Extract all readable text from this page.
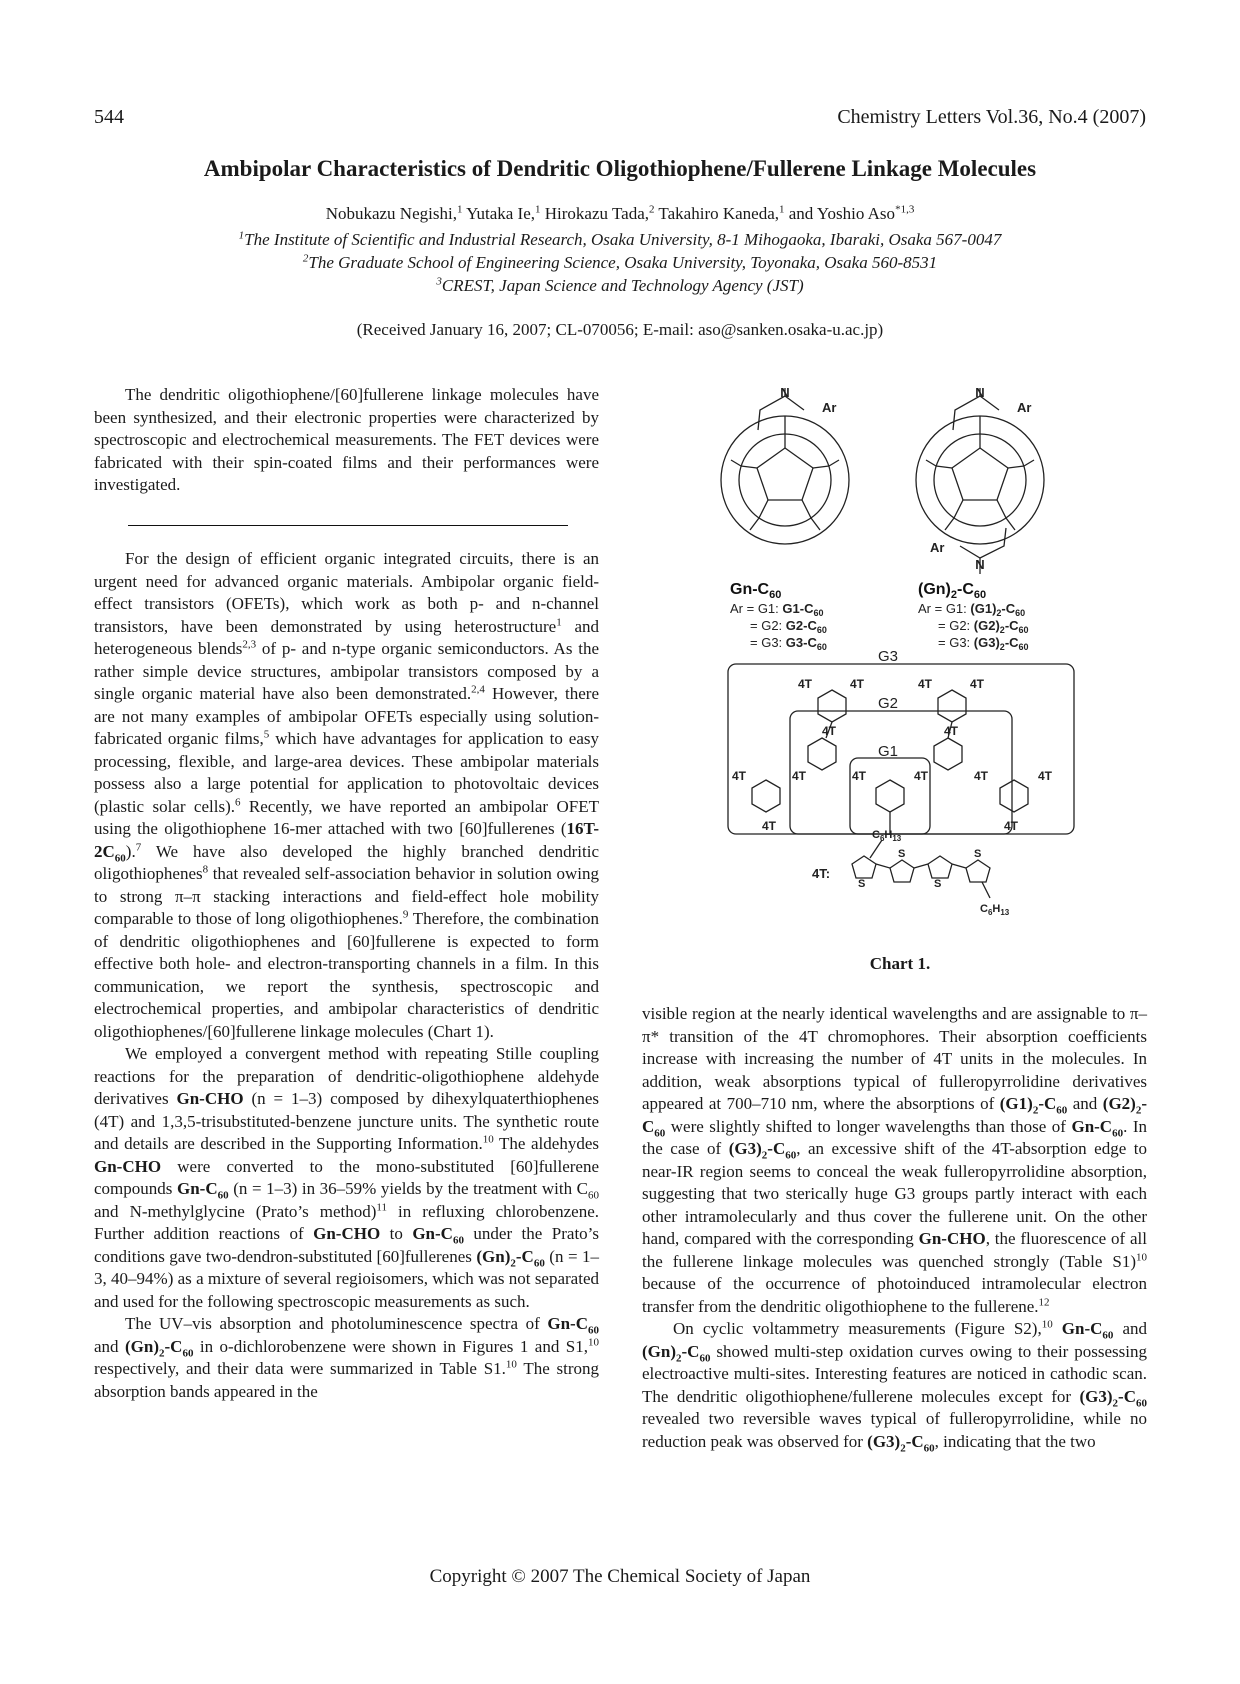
544	Chemistry Letters Vol.36, No.4 (2007)
Ambipolar Characteristics of Dendritic Oligothiophene/Fullerene Linkage Molecules
Nobukazu Negishi,$^1$ Yutaka Ie,$^1$ Hirokazu Tada,$^2$ Takahiro Kaneda,$^1$ and Yoshio Aso$^{*1,3}$
$^1$The Institute of Scientific and Industrial Research, Osaka University, 8-1 Mihogaoka, Ibaraki, Osaka 567-0047
$^2$The Graduate School of Engineering Science, Osaka University, Toyonaka, Osaka 560-8531
$^3$CREST, Japan Science and Technology Agency (JST)
(Received January 16, 2007; CL-070056; E-mail: aso@sanken.osaka-u.ac.jp)

The dendritic oligothiophene/[60]fullerene linkage molecules have been synthesized, and their electronic properties were characterized by spectroscopic and electrochemical measurements. The FET devices were fabricated with their spin-coated films and their performances were investigated.

For the design of efficient organic integrated circuits, there is an urgent need for advanced organic materials. Ambipolar organic field-effect transistors (OFETs), which work as both p- and n-channel transistors, have been demonstrated by using heterostructure$^1$ and heterogeneous blends$^{2,3}$ of p- and n-type organic semiconductors. As the rather simple device structures, ambipolar transistors composed by a single organic material have also been demonstrated.$^{2,4}$ However, there are not many examples of ambipolar OFETs especially using solution-fabricated organic films,$^5$ which have advantages for application to easy processing, flexible, and large-area devices. These ambipolar materials possess also a large potential for application to photovoltaic devices (plastic solar cells).$^6$ Recently, we have reported an ambipolar OFET using the oligothiophene 16-mer attached with two [60]fullerenes $(16T-2C_{60}).^7$ We have also developed the highly branched dendritic oligothiophenes$^8$ that revealed self-association behavior in solution owing to strong π–π stacking interactions and field-effect hole mobility comparable to those of long oligothiophenes.$^9$ Therefore, the combination of dendritic oligothiophenes and [60]fullerene is expected to form effective both hole- and electron-transporting channels in a film. In this communication, we report the synthesis, spectroscopic and electrochemical properties, and ambipolar characteristics of dendritic oligothiophenes/[60]fullerene linkage molecules (Chart 1).

We employed a convergent method with repeating Stille coupling reactions for the preparation of dendritic-oligothiophene aldehyde derivatives Gn-CHO (n = 1–3) composed by dihexylquaterthiophenes (4T) and 1,3,5-trisubstituted-benzene juncture units. The synthetic route and details are described in the Supporting Information.$^{10}$ The aldehydes Gn-CHO were converted to the mono-substituted [60]fullerene compounds $Gn-C_{60}$ (n = 1–3) in 36–59% yields by the treatment with $C_{60}$ and N-methylglycine (Prato’s method)$^{11}$ in refluxing chlorobenzene. Further addition reactions of Gn-CHO to $Gn-C_{60}$ under the Prato’s conditions gave two-dendron-substituted [60]fullerenes $(Gn)_2-C_{60}$ (n = 1–3, 40–94%) as a mixture of several regioisomers, which was not separated and used for the following spectroscopic measurements as such.

The UV–vis absorption and photoluminescence spectra of $Gn-C_{60}$ and $(Gn)_2-C_{60}$ in o-dichlorobenzene were shown in Figures 1 and S1,10 respectively, and their data were summarized in Table S1.10 The strong absorption bands appeared in the

N
Ar
N
Ar
N
Ar
$Gn-C_{60}$	$(Gn)_2-C_{60}$
Ar = G1: $G1-C_{60}$
= G2: $G2-C_{60}$
= G3: $G3-C_{60}$
Ar = G1: $(G1)_2-C_{60}$
= G2: $(G2)_2-C_{60}$
= G3: $(G3)_2-C_{60}$
G3
G2
G1
4T	4T	4T	4T
4T	4T
4T	4T	4T	4T	4T	4T
4T	4T
4T:
S
S
S
S
$C_6H_{13}$
$C_6H_{13}$
Chart 1.

visible region at the nearly identical wavelengths and are assignable to π–π* transition of the 4T chromophores. Their absorption coefficients increase with increasing the number of 4T units in the molecules. In addition, weak absorptions typical of fulleropyrrolidine derivatives appeared at 700–710 nm, where the absorptions of $(G1)_2-C_{60}$ and $(G2)_2-C_{60}$ were slightly shifted to longer wavelengths than those of $Gn-C_{60}$. In the case of $(G3)_2-C_{60}$, an excessive shift of the 4T-absorption edge to near-IR region seems to conceal the weak fulleropyrrolidine absorption, suggesting that two sterically huge G3 groups partly interact with each other intramolecularly and thus cover the fullerene unit. On the other hand, compared with the corresponding Gn-CHO, the fluorescence of all the fullerene linkage molecules was quenched strongly (Table S1)$^{10}$ because of the occurrence of photoinduced intramolecular electron transfer from the dendritic oligothiophene to the fullerene.$^{12}$

On cyclic voltammetry measurements (Figure S2),$^{10}$ $Gn-C_{60}$ and $(Gn)_2-C_{60}$ showed multi-step oxidation curves owing to their possessing electroactive multi-sites. Interesting features are noticed in cathodic scan. The dendritic oligothiophene/fullerene molecules except for $(G3)_2-C_{60}$ revealed two reversible waves typical of fulleropyrrolidine, while no reduction peak was observed for $(G3)_2-C_{60}$, indicating that the two

Copyright © 2007 The Chemical Society of Japan
